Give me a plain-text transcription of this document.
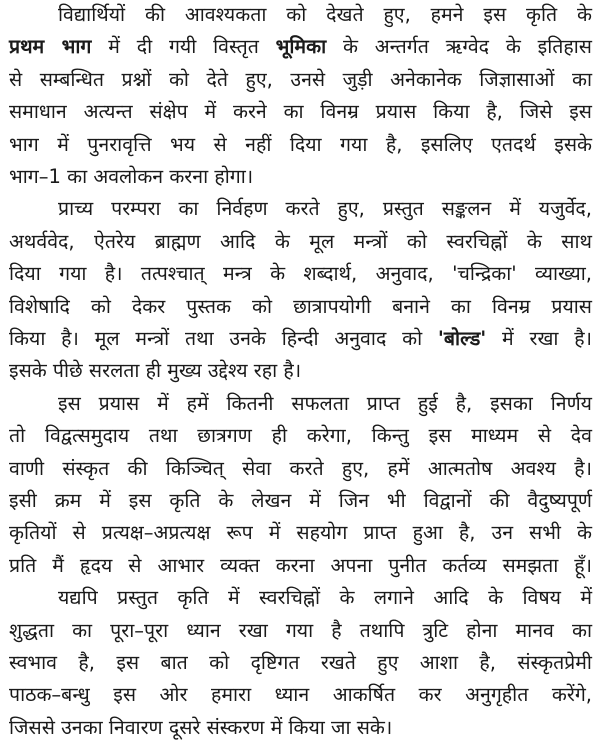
विद्यार्थियों की आवश्यकता को देखते हुए, हमने इस कृति के
प्रथम भाग में दी गयी विस्तृत भूमिका के अन्तर्गत ऋग्वेद के इतिहास
से सम्बन्धित प्रश्नों को देते हुए, उनसे जुड़ी अनेकानेक जिज्ञासाओं का
समाधान अत्यन्त संक्षेप में करने का विनम्र प्रयास किया है, जिसे इस
भाग में पुनरावृत्ति भय से नहीं दिया गया है, इसलिए एतदर्थ इसके
भाग–1 का अवलोकन करना होगा।
प्राच्य परम्परा का निर्वहण करते हुए, प्रस्तुत सङ्कलन में यजुर्वेद,
अथर्ववेद, ऐतरेय ब्राह्मण आदि के मूल मन्त्रों को स्वरचिह्नों के साथ
दिया गया है। तत्पश्चात् मन्त्र के शब्दार्थ, अनुवाद, 'चन्द्रिका' व्याख्या,
विशेषादि को देकर पुस्तक को छात्रापयोगी बनाने का विनम्र प्रयास
किया है। मूल मन्त्रों तथा उनके हिन्दी अनुवाद को 'बोल्ड' में रखा है।
इसके पीछे सरलता ही मुख्य उद्देश्य रहा है।
इस प्रयास में हमें कितनी सफलता प्राप्त हुई है, इसका निर्णय
तो विद्वत्समुदाय तथा छात्रगण ही करेगा, किन्तु इस माध्यम से देव
वाणी संस्कृत की किञ्चित् सेवा करते हुए, हमें आत्मतोष अवश्य है।
इसी क्रम में इस कृति के लेखन में जिन भी विद्वानों की वैदुष्यपूर्ण
कृतियों से प्रत्यक्ष–अप्रत्यक्ष रूप में सहयोग प्राप्त हुआ है, उन सभी के
प्रति मैं हृदय से आभार व्यक्त करना अपना पुनीत कर्तव्य समझता हूँ।
यद्यपि प्रस्तुत कृति में स्वरचिह्नों के लगाने आदि के विषय में
शुद्धता का पूरा–पूरा ध्यान रखा गया है तथापि त्रुटि होना मानव का
स्वभाव है, इस बात को दृष्टिगत रखते हुए आशा है, संस्कृतप्रेमी
पाठक–बन्धु इस ओर हमारा ध्यान आकर्षित कर अनुगृहीत करेंगे,
जिससे उनका निवारण दूसरे संस्करण में किया जा सके।
